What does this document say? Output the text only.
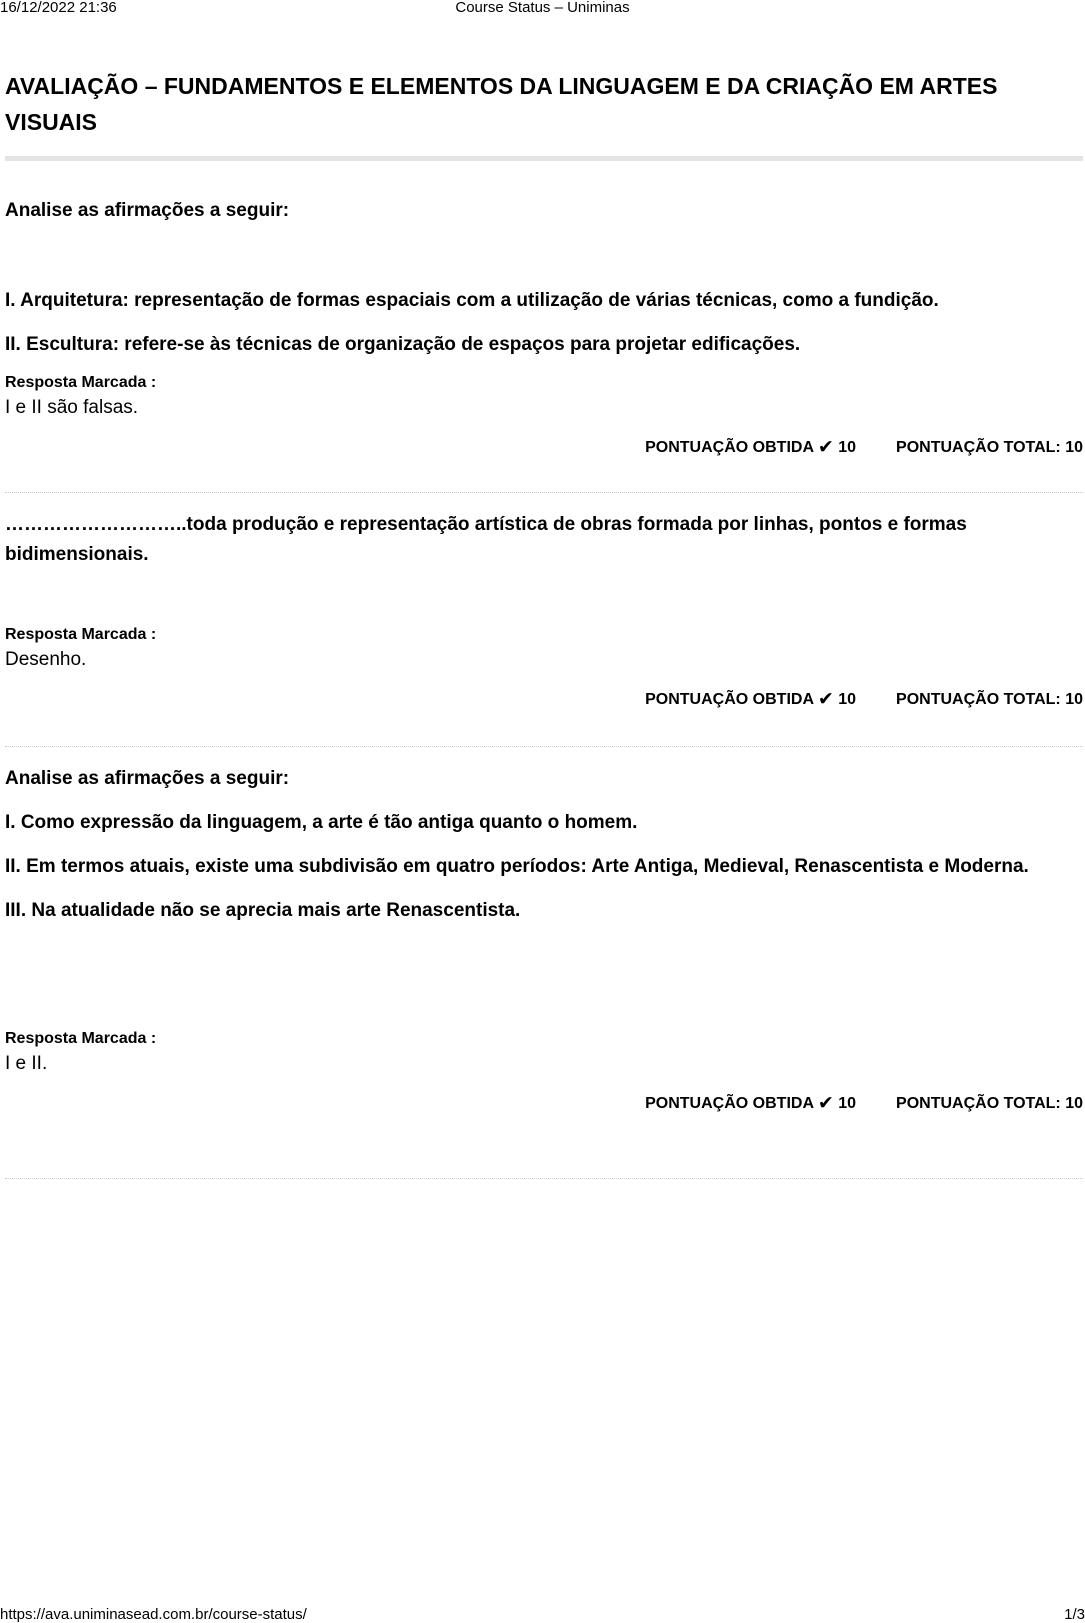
16/12/2022 21:36	Course Status – Uniminas
AVALIAÇÃO – FUNDAMENTOS E ELEMENTOS DA LINGUAGEM E DA CRIAÇÃO EM ARTES VISUAIS

Analise as afirmações a seguir:

I. Arquitetura: representação de formas espaciais com a utilização de várias técnicas, como a fundição.

II. Escultura: refere-se às técnicas de organização de espaços para projetar edificações.

Resposta Marcada :

I e II são falsas.

PONTUAÇÃO OBTIDA ✔ 10	PONTUAÇÃO TOTAL: 10

………………………..toda produção e representação artística de obras formada por linhas, pontos e formas bidimensionais.

Resposta Marcada :

Desenho.

PONTUAÇÃO OBTIDA ✔ 10	PONTUAÇÃO TOTAL: 10

Analise as afirmações a seguir:

I. Como expressão da linguagem, a arte é tão antiga quanto o homem.

II. Em termos atuais, existe uma subdivisão em quatro períodos: Arte Antiga, Medieval, Renascentista e Moderna.

III. Na atualidade não se aprecia mais arte Renascentista.

Resposta Marcada :

I e II.

PONTUAÇÃO OBTIDA ✔ 10	PONTUAÇÃO TOTAL: 10
https://ava.uniminasead.com.br/course-status/	1/3
